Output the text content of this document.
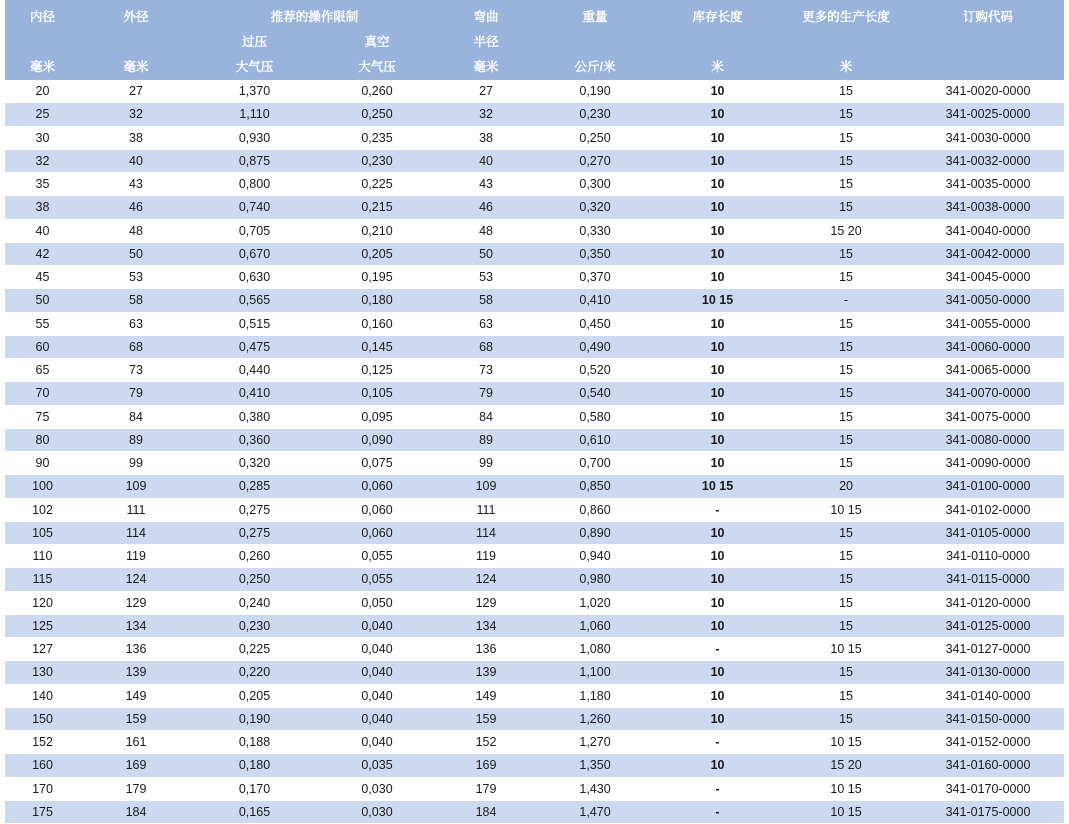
内径	外径	推荐的操作限制		弯曲	重量	库存长度	更多的生产长度	订购代码
		过压	真空	半径				
毫米	毫米	大气压	大气压	毫米	公斤/米	米	米	
20	27	1,370	0,260	27	0,190	10	15	341-0020-0000
25	32	1,110	0,250	32	0,230	10	15	341-0025-0000
30	38	0,930	0,235	38	0,250	10	15	341-0030-0000
32	40	0,875	0,230	40	0,270	10	15	341-0032-0000
35	43	0,800	0,225	43	0,300	10	15	341-0035-0000
38	46	0,740	0,215	46	0,320	10	15	341-0038-0000
40	48	0,705	0,210	48	0,330	10	15 20	341-0040-0000
42	50	0,670	0,205	50	0,350	10	15	341-0042-0000
45	53	0,630	0,195	53	0,370	10	15	341-0045-0000
50	58	0,565	0,180	58	0,410	10 15	-	341-0050-0000
55	63	0,515	0,160	63	0,450	10	15	341-0055-0000
60	68	0,475	0,145	68	0,490	10	15	341-0060-0000
65	73	0,440	0,125	73	0,520	10	15	341-0065-0000
70	79	0,410	0,105	79	0,540	10	15	341-0070-0000
75	84	0,380	0,095	84	0,580	10	15	341-0075-0000
80	89	0,360	0,090	89	0,610	10	15	341-0080-0000
90	99	0,320	0,075	99	0,700	10	15	341-0090-0000
100	109	0,285	0,060	109	0,850	10 15	20	341-0100-0000
102	111	0,275	0,060	111	0,860	-	10 15	341-0102-0000
105	114	0,275	0,060	114	0,890	10	15	341-0105-0000
110	119	0,260	0,055	119	0,940	10	15	341-0110-0000
115	124	0,250	0,055	124	0,980	10	15	341-0115-0000
120	129	0,240	0,050	129	1,020	10	15	341-0120-0000
125	134	0,230	0,040	134	1,060	10	15	341-0125-0000
127	136	0,225	0,040	136	1,080	-	10 15	341-0127-0000
130	139	0,220	0,040	139	1,100	10	15	341-0130-0000
140	149	0,205	0,040	149	1,180	10	15	341-0140-0000
150	159	0,190	0,040	159	1,260	10	15	341-0150-0000
152	161	0,188	0,040	152	1,270	-	10 15	341-0152-0000
160	169	0,180	0,035	169	1,350	10	15 20	341-0160-0000
170	179	0,170	0,030	179	1,430	-	10 15	341-0170-0000
175	184	0,165	0,030	184	1,470	-	10 15	341-0175-0000
